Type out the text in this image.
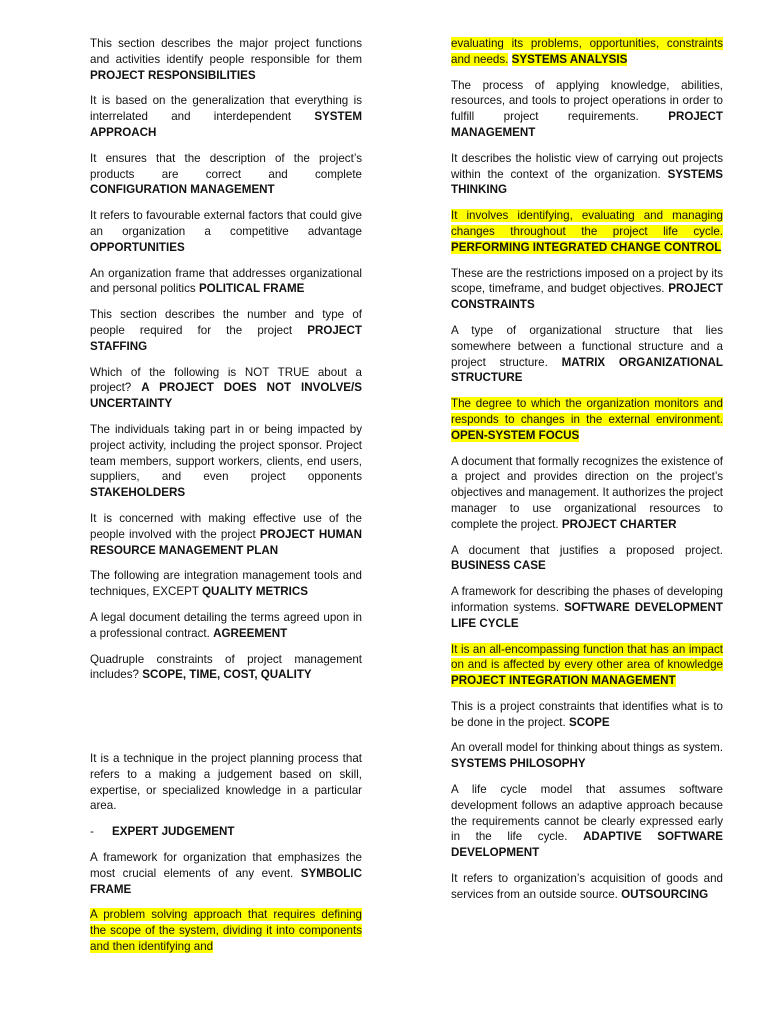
This section describes the major project functions and activities identify people responsible for them PROJECT RESPONSIBILITIES

It is based on the generalization that everything is interrelated and interdependent SYSTEM APPROACH

It ensures that the description of the project’s products are correct and complete CONFIGURATION MANAGEMENT

It refers to favourable external factors that could give an organization a competitive advantage OPPORTUNITIES

An organization frame that addresses organizational and personal politics POLITICAL FRAME

This section describes the number and type of people required for the project PROJECT STAFFING

Which of the following is NOT TRUE about a project? A PROJECT DOES NOT INVOLVE/S UNCERTAINTY

The individuals taking part in or being impacted by project activity, including the project sponsor. Project team members, support workers, clients, end users, suppliers, and even project opponents STAKEHOLDERS

It is concerned with making effective use of the people involved with the project PROJECT HUMAN RESOURCE MANAGEMENT PLAN

The following are integration management tools and techniques, EXCEPT QUALITY METRICS

A legal document detailing the terms agreed upon in a professional contract. AGREEMENT

Quadruple constraints of project management includes? SCOPE, TIME, COST, QUALITY

It is a technique in the project planning process that refers to a making a judgement based on skill, expertise, or specialized knowledge in a particular area.

- EXPERT JUDGEMENT

A framework for organization that emphasizes the most crucial elements of any event. SYMBOLIC FRAME

A problem solving approach that requires defining the scope of the system, dividing it into components and then identifying and

evaluating its problems, opportunities, constraints and needs. SYSTEMS ANALYSIS

The process of applying knowledge, abilities, resources, and tools to project operations in order to fulfill project requirements.	PROJECT MANAGEMENT

It describes the holistic view of carrying out projects within the context of the organization. SYSTEMS THINKING

It involves identifying, evaluating and managing changes throughout the project life cycle. PERFORMING INTEGRATED CHANGE CONTROL

These are the restrictions imposed on a project by its scope, timeframe, and budget objectives. PROJECT CONSTRAINTS

A type of organizational structure that lies somewhere between a functional structure and a project structure. MATRIX ORGANIZATIONAL STRUCTURE

The degree to which the organization monitors and responds to changes in the external environment. OPEN-SYSTEM FOCUS

A document that formally recognizes the existence of a project and provides direction on the project’s objectives and management. It authorizes the project manager to use organizational resources to complete the project. PROJECT CHARTER

A document that justifies a proposed project. BUSINESS CASE

A framework for describing the phases of developing information systems. SOFTWARE DEVELOPMENT LIFE CYCLE

It is an all-encompassing function that has an impact on and is affected by every other area of knowledge PROJECT INTEGRATION MANAGEMENT

This is a project constraints that identifies what is to be done in the project. SCOPE

An overall model for thinking about things as system. SYSTEMS PHILOSOPHY

A life cycle model that assumes software development follows an adaptive approach because the requirements cannot be clearly expressed early in the life cycle. ADAPTIVE SOFTWARE DEVELOPMENT

It refers to organization’s acquisition of goods and services from an outside source. OUTSOURCING
